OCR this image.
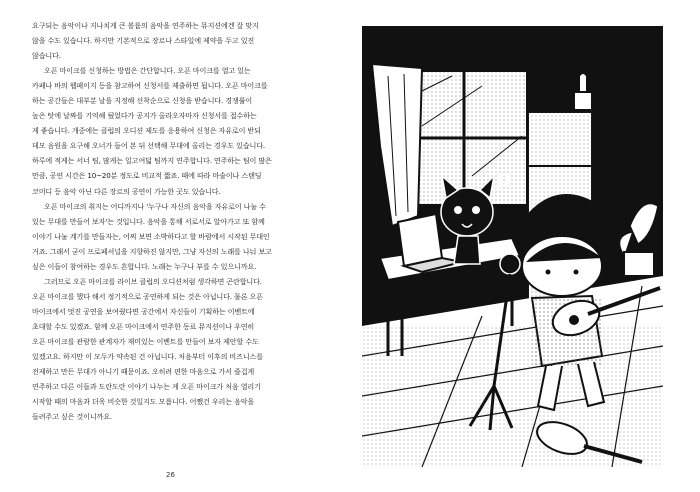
요구되는 음악이나 지나치게 큰 볼륨의 음악을 연주하는 뮤지션에겐 잘 맞지
않을 수도 있습니다. 하지만 기본적으로 장르나 스타일에 제약을 두고 있진
않습니다.

오픈 마이크를 신청하는 방법은 간단합니다. 오픈 마이크를 열고 있는
카페나 바의 웹페이지 등을 참고하여 신청서를 제출하면 됩니다. 오픈 마이크를
하는 공간들은 대부분 날을 지정해 선착순으로 신청을 받습니다. 경쟁률이
높은 탓에 날짜를 기억해 뒀었다가 공지가 올라오자마자 신청서를 접수하는
게 좋습니다. 개중에는 클럽의 오디션 제도를 응용하여 신청은 자유로이 받되
데모 음원을 요구해 오너가 들어 본 뒤 선택해 무대에 올리는 경우도 있습니다.
하루에 적게는 서너 팀, 많게는 일고여덟 팀까지 연주합니다. 연주하는 팀이 많은
만큼, 공연 시간은 10~20분 정도로 비교적 짧죠. 때에 따라 마술이나 스탠딩
코미디 등 음악 아닌 다른 장르의 공연이 가능한 곳도 있습니다.

오픈 마이크의 취지는 어디까지나 '누구나 자신의 음악을 자유로이 나눌 수
있는 무대를 만들어 보자'는 것입니다. 음악을 통해 서로서로 알아가고 또 함께
이야기 나눌 계기를 만들자는, 어찌 보면 소박하다고 할 바람에서 시작된 무대인
거죠. 그래서 굳이 프로페셔널을 지향하진 않지만, 그냥 자신의 노래를 나눠 보고
싶은 이들이 참여하는 경우도 흔합니다. 노래는 누구나 부를 수 있으니까요.

그러므로 오픈 마이크를 라이브 클럽의 오디션처럼 생각하면 곤란합니다.
오픈 마이크를 했다 해서 정기적으로 공연하게 되는 것은 아닙니다. 물론 오픈
마이크에서 멋진 공연을 보여줬다면 공간에서 자신들이 기획하는 이벤트에
초대할 수도 있겠죠. 함께 오픈 마이크에서 연주한 동료 뮤지션이나 우연히
오픈 마이크를 관람한 관계자가 재미있는 이벤트를 만들어 보자 제안할 수도
있겠고요. 하지만 이 모두가 약속된 건 아닙니다. 처음부터 이후의 비즈니스를
전제하고 만든 무대가 아니기 때문이죠. 오히려 편한 마음으로 가서 즐겁게
연주하고 다른 이들과 도란도란 이야기 나누는 게 오픈 마이크가 처음 열리기
시작할 때의 마음과 더욱 비슷한 것일지도 모릅니다. 어쨌건 우리는 음악을
들려주고 싶은 것이니까요.

26
